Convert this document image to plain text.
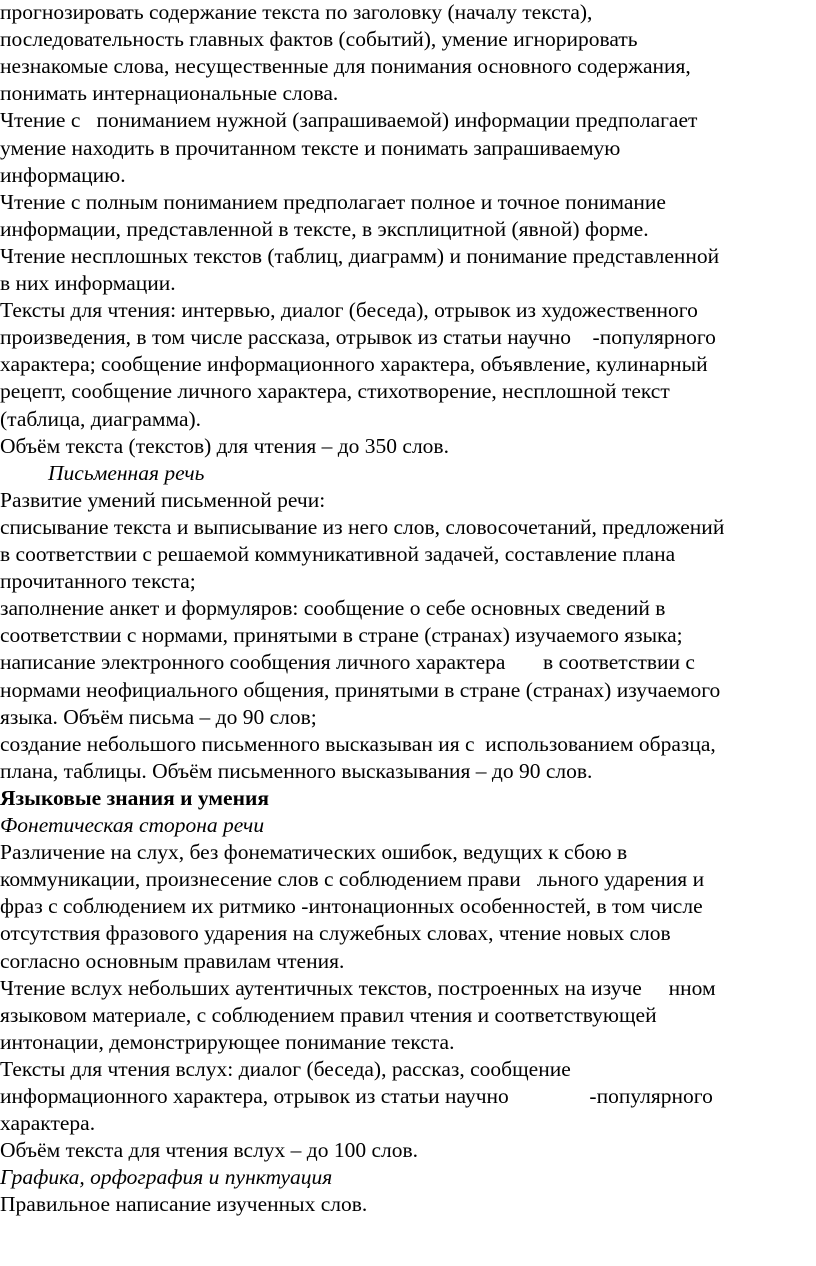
прогнозировать содержание текста по заголовку (началу текста),

последовательность главных фактов (событий), умение игнорировать

незнакомые слова, несущественные для понимания основного содержания,

понимать интернациональные слова.

Чтение с   пониманием нужной (запрашиваемой) информации предполагает

умение находить в прочитанном тексте и понимать запрашиваемую

информацию.

Чтение с полным пониманием предполагает полное и точное понимание

информации, представленной в тексте, в эксплицитной (явной) форме.

Чтение несплошных текстов (таблиц, диаграмм) и понимание представленной

в них информации.

Тексты для чтения: интервью, диалог (беседа), отрывок из художественного

произведения, в том числе рассказа, отрывок из статьи научно    -популярного

характера; сообщение информационного характера, объявление, кулинарный

рецепт, сообщение личного характера, стихотворение, несплошной текст

(таблица, диаграмма).

Объём текста (текстов) для чтения – до 350 слов.

Письменная речь

Развитие умений письменной речи:

списывание текста и выписывание из него слов, словосочетаний, предложений

в соответствии с решаемой коммуникативной задачей, составление плана

прочитанного текста;

заполнение анкет и формуляров: сообщение о себе основных сведений в

соответствии с нормами, принятыми в стране (странах) изучаемого языка;

написание электронного сообщения личного характера       в соответствии с

нормами неофициального общения, принятыми в стране (странах) изучаемого

языка. Объём письма – до 90 слов;

создание небольшого письменного высказыван ия с  использованием образца,

плана, таблицы. Объём письменного высказывания – до 90 слов.

Языковые знания и умения

Фонетическая сторона речи

Различение на слух, без фонематических ошибок, ведущих к сбою в

коммуникации, произнесение слов с соблюдением прави   льного ударения и

фраз с соблюдением их ритмико -интонационных особенностей, в том числе

отсутствия фразового ударения на служебных словах, чтение новых слов

согласно основным правилам чтения.

Чтение вслух небольших аутентичных текстов, построенных на изуче     нном

языковом материале, с соблюдением правил чтения и соответствующей

интонации, демонстрирующее понимание текста.

Тексты для чтения вслух: диалог (беседа), рассказ, сообщение

информационного характера, отрывок из статьи научно               -популярного

характера.

Объём текста для чтения вслух – до 100 слов.

Графика, орфография и пунктуация

Правильное написание изученных слов.
